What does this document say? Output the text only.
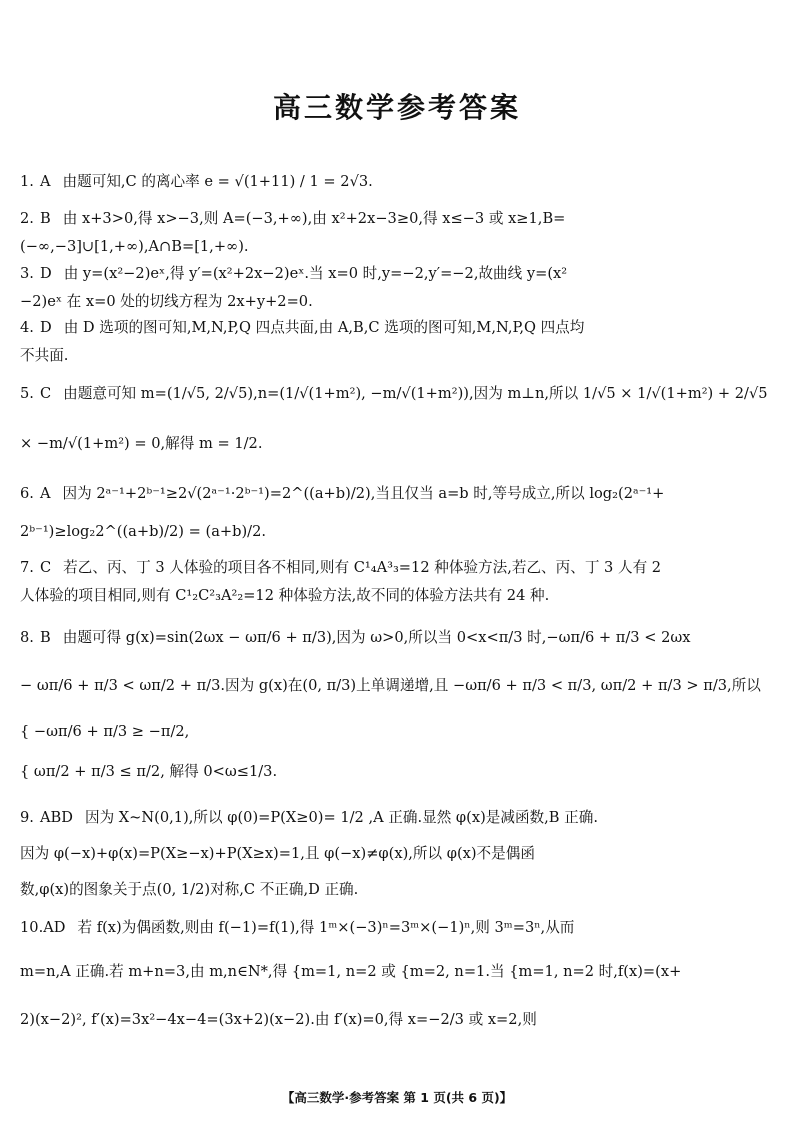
高三数学参考答案
1. A 由题可知,C 的离心率 e = √(1+11) / 1 = 2√3.
2. B 由 x+3>0,得 x>−3,则 A=(−3,+∞),由 x²+2x−3≥0,得 x≤−3 或 x≥1,B=
(−∞,−3]∪[1,+∞),A∩B=[1,+∞).
3. D 由 y=(x²−2)eˣ,得 y′=(x²+2x−2)eˣ.当 x=0 时,y=−2,y′=−2,故曲线 y=(x²
−2)eˣ 在 x=0 处的切线方程为 2x+y+2=0.
4. D 由 D 选项的图可知,M,N,P,Q 四点共面,由 A,B,C 选项的图可知,M,N,P,Q 四点均
不共面.
5. C 由题意可知 m=(1/√5, 2/√5),n=(1/√(1+m²), −m/√(1+m²)),因为 m⊥n,所以 1/√5 × 1/√(1+m²) + 2/√5
× −m/√(1+m²) = 0,解得 m = 1/2.
6. A 因为 2ᵃ⁻¹+2ᵇ⁻¹≥2√(2ᵃ⁻¹·2ᵇ⁻¹)=2^((a+b)/2),当且仅当 a=b 时,等号成立,所以 log₂(2ᵃ⁻¹+
2ᵇ⁻¹)≥log₂2^((a+b)/2) = (a+b)/2.
7. C 若乙、丙、丁 3 人体验的项目各不相同,则有 C¹₄A³₃=12 种体验方法,若乙、丙、丁 3 人有 2
人体验的项目相同,则有 C¹₂C²₃A²₂=12 种体验方法,故不同的体验方法共有 24 种.
8. B 由题可得 g(x)=sin(2ωx − ωπ/6 + π/3),因为 ω>0,所以当 0<x<π/3 时,−ωπ/6 + π/3 < 2ωx
− ωπ/6 + π/3 < ωπ/2 + π/3.因为 g(x)在(0, π/3)上单调递增,且 −ωπ/6 + π/3 < π/3, ωπ/2 + π/3 > π/3,所以
{ −ωπ/6 + π/3 ≥ −π/2,
{ ωπ/2 + π/3 ≤ π/2, 解得 0<ω≤1/3.
9. ABD 因为 X~N(0,1),所以 φ(0)=P(X≥0)= 1/2 ,A 正确.显然 φ(x)是减函数,B 正确.
因为 φ(−x)+φ(x)=P(X≥−x)+P(X≥x)=1,且 φ(−x)≠φ(x),所以 φ(x)不是偶函
数,φ(x)的图象关于点(0, 1/2)对称,C 不正确,D 正确.
10.AD 若 f(x)为偶函数,则由 f(−1)=f(1),得 1ᵐ×(−3)ⁿ=3ᵐ×(−1)ⁿ,则 3ᵐ=3ⁿ,从而
m=n,A 正确.若 m+n=3,由 m,n∈N*,得 {m=1, n=2 或 {m=2, n=1.当 {m=1, n=2 时,f(x)=(x+
2)(x−2)², f′(x)=3x²−4x−4=(3x+2)(x−2).由 f′(x)=0,得 x=−2/3 或 x=2,则
【高三数学·参考答案 第 1 页(共 6 页)】
